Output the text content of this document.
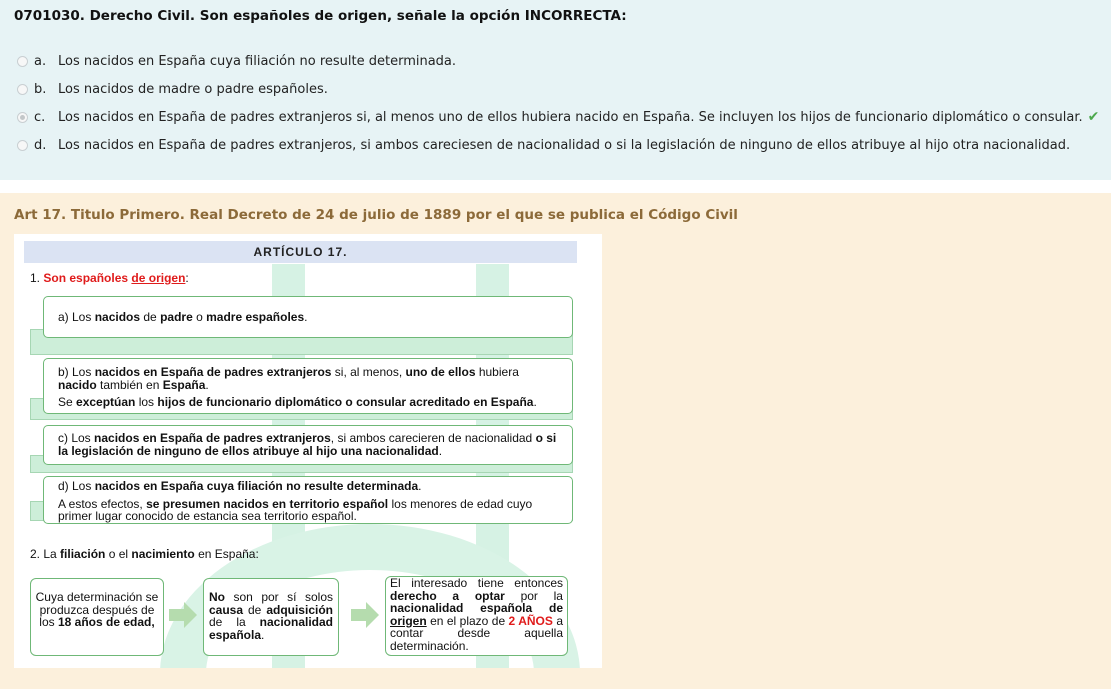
0701030. Derecho Civil. Son españoles de origen, señale la opción INCORRECTA:
a. Los nacidos en España cuya filiación no resulte determinada.
b. Los nacidos de madre o padre españoles.
c. Los nacidos en España de padres extranjeros si, al menos uno de ellos hubiera nacido en España. Se incluyen los hijos de funcionario diplomático o consular. ✔
d. Los nacidos en España de padres extranjeros, si ambos careciesen de nacionalidad o si la legislación de ninguno de ellos atribuye al hijo otra nacionalidad.
Art 17. Titulo Primero. Real Decreto de 24 de julio de 1889 por el que se publica el Código Civil
ARTÍCULO 17.
1. Son españoles de origen:

a) Los nacidos de padre o madre españoles.

b) Los nacidos en España de padres extranjeros si, al menos, uno de ellos hubiera nacido también en España.

Se exceptúan los hijos de funcionario diplomático o consular acreditado en España.

c) Los nacidos en España de padres extranjeros, si ambos carecieren de nacionalidad o si la legislación de ninguno de ellos atribuye al hijo una nacionalidad.

d) Los nacidos en España cuya filiación no resulte determinada.

A estos efectos, se presumen nacidos en territorio español los menores de edad cuyo primer lugar conocido de estancia sea territorio español.

2. La filiación o el nacimiento en España:
Cuya determinación se produzca después de los 18 años de edad,
No son por sí solos causa de adquisición de la nacionalidad española.
El interesado tiene entonces derecho a optar por la nacionalidad española de origen en el plazo de 2 AÑOS a contar desde aquella determinación.
